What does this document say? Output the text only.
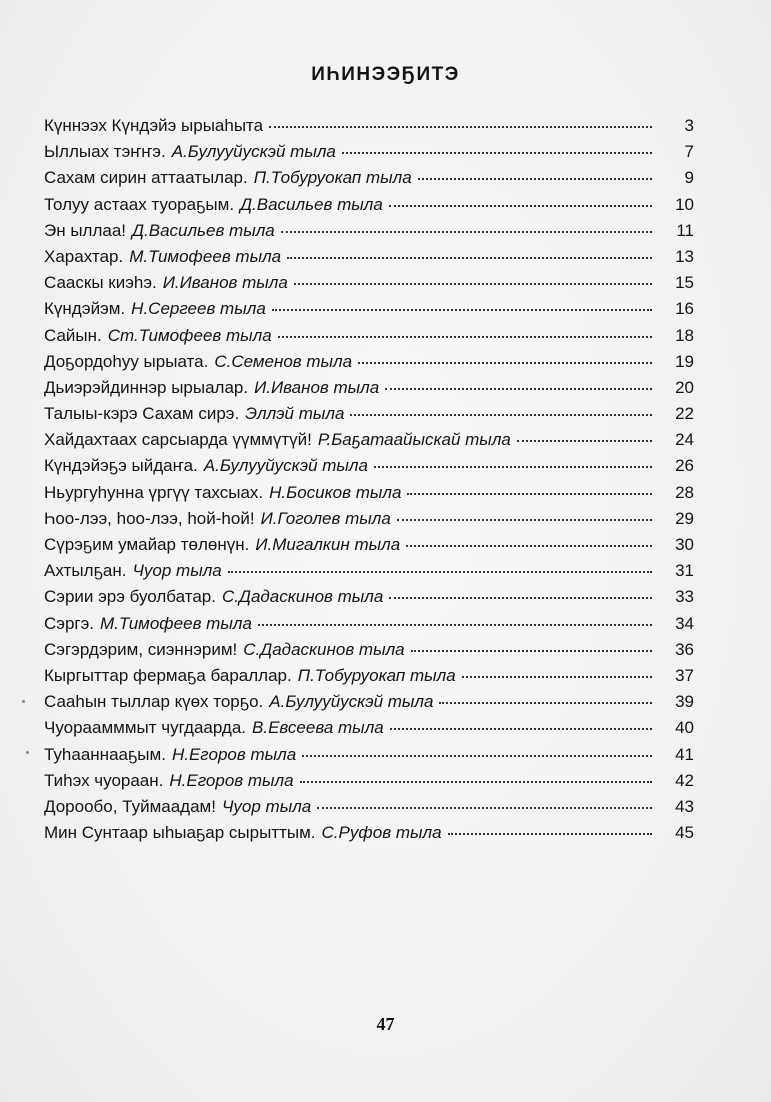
ИҺИНЭЭҔИТЭ
Күннээх Күндэйэ ырыаһыта	3
Ыллыах тэҥҥэ. А.Булууйускэй тыла	7
Сахам сирин аттаатылар. П.Тобуруокап тыла	9
Толуу астаах туораҕым. Д.Васильев тыла	10
Эн ыллаа! Д.Васильев тыла	11
Харахтар. М.Тимофеев тыла	13
Сааскы киэһэ. И.Иванов тыла	15
Күндэйэм. Н.Сергеев тыла	16
Сайын. Ст.Тимофеев тыла	18
Доҕордоһуу ырыата. С.Семенов тыла	19
Дьиэрэйдиннэр ырыалар. И.Иванов тыла	20
Талыы-кэрэ Сахам сирэ. Эллэй тыла	22
Хайдахтаах сарсыарда үүммүтүй! Р.Баҕатаайыскай тыла	24
Күндэйэҕэ ыйдаҥа. А.Булууйускэй тыла	26
Ньургуһунна үргүү тахсыах. Н.Босиков тыла	28
Һоо-лээ, һоо-лээ, һой-һой! И.Гоголев тыла	29
Сүрэҕим умайар төлөнүн. И.Мигалкин тыла	30
Ахтылҕан. Чуор тыла	31
Сэрии эрэ буолбатар. С.Дадаскинов тыла	33
Сэргэ. М.Тимофеев тыла	34
Сэгэрдэрим, сиэннэрим! С.Дадаскинов тыла	36
Кыргыттар фермаҕа бараллар. П.Тобуруокап тыла	37
Сааһын тыллар күөх торҕо. А.Булууйускэй тыла	39
Чуораамммыт чугдаарда. В.Евсеева тыла	40
Туһааннааҕым. Н.Егоров тыла	41
Тиһэх чуораан. Н.Егоров тыла	42
Дорообо, Туймаадам! Чуор тыла	43
Мин Сунтаар ыһыаҕар сырыттым. С.Руфов тыла	45
47
